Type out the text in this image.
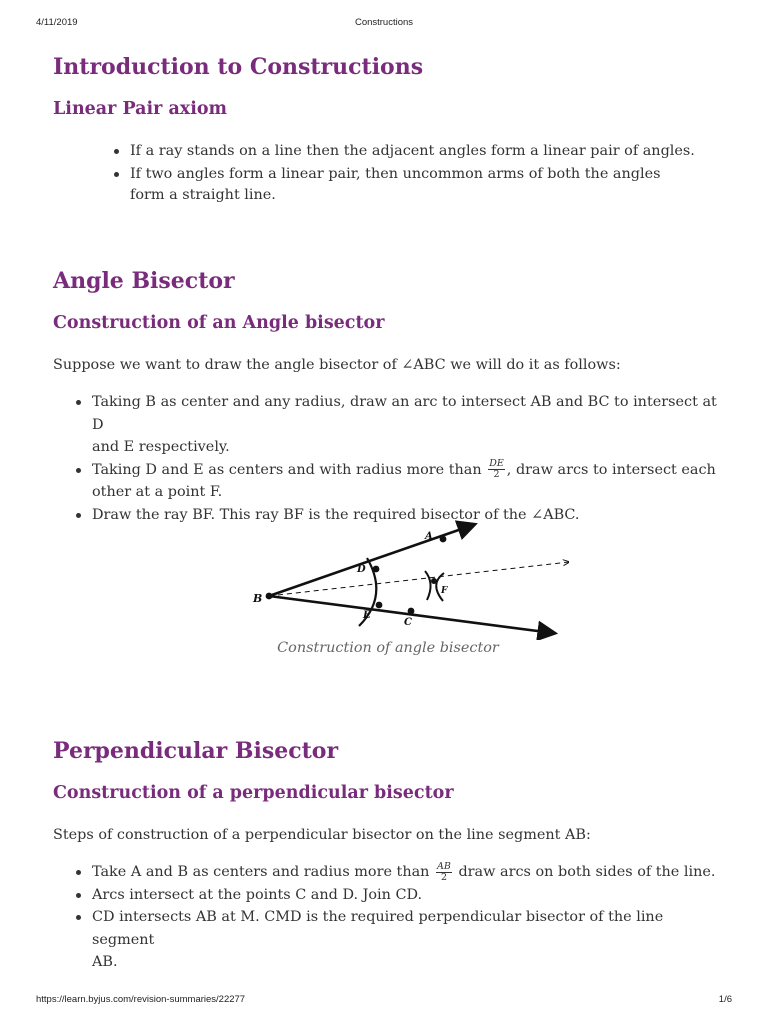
4/11/2019	Constructions
Introduction to Constructions
Linear Pair axiom
If a ray stands on a line then the adjacent angles form a linear pair of angles.
If two angles form a linear pair, then uncommon arms of both the angles
form a straight line.
Angle Bisector
Construction of an Angle bisector
Suppose we want to draw the angle bisector of ∠ABC we will do it as follows:
Taking B as center and any radius, draw an arc to intersect AB and BC to intersect at D
and E respectively.
Taking D and E as centers and with radius more than $\frac{DE}{2}$ , draw arcs to intersect each
other at a point F.
Draw the ray BF. This ray BF is the required bisector of the ∠ABC.
B
D
A
E
C
F
Construction of angle bisector
Perpendicular Bisector
Construction of a perpendicular bisector
Steps of construction of a perpendicular bisector on the line segment AB:
Take A and B as centers and radius more than $\frac{AB}{2}$ draw arcs on both sides of the line.
Arcs intersect at the points C and D. Join CD.
CD intersects AB at M. CMD is the required perpendicular bisector of the line segment
AB.
https://learn.byjus.com/revision-summaries/22277	1/6
